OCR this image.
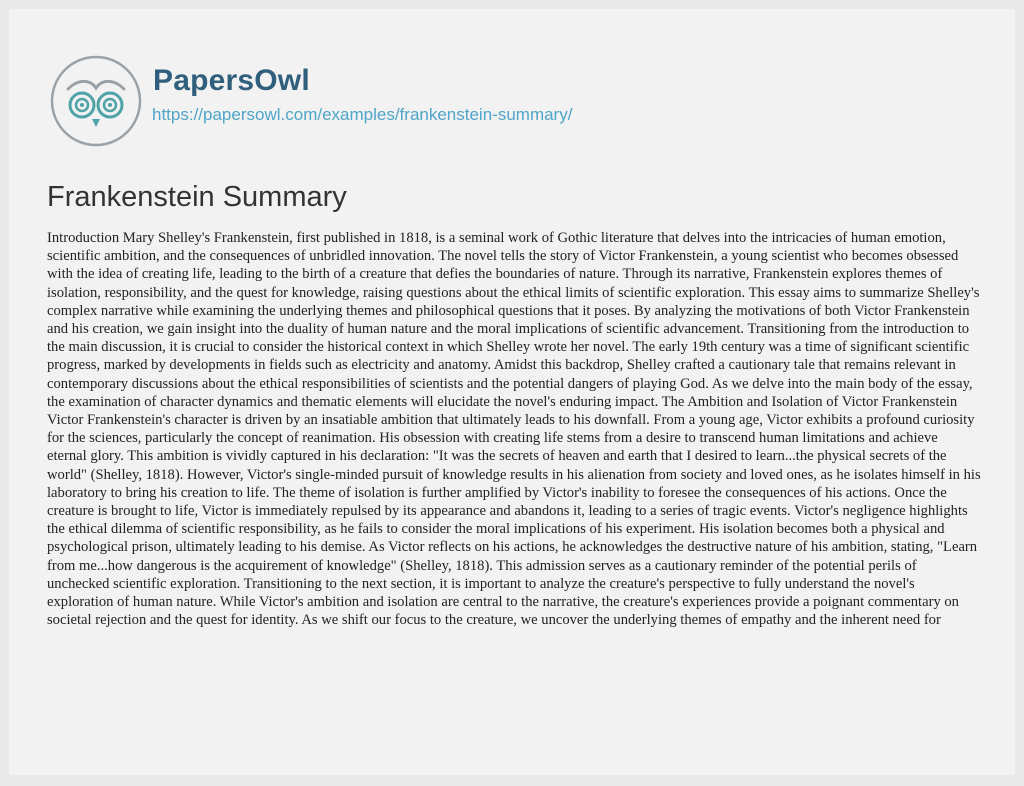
PapersOwl
https://papersowl.com/examples/frankenstein-summary/
Frankenstein Summary

Introduction Mary Shelley's Frankenstein, first published in 1818, is a seminal work of Gothic literature that delves into the intricacies of human emotion, scientific ambition, and the consequences of unbridled innovation. The novel tells the story of Victor Frankenstein, a young scientist who becomes obsessed with the idea of creating life, leading to the birth of a creature that defies the boundaries of nature. Through its narrative, Frankenstein explores themes of isolation, responsibility, and the quest for knowledge, raising questions about the ethical limits of scientific exploration. This essay aims to summarize Shelley's complex narrative while examining the underlying themes and philosophical questions that it poses. By analyzing the motivations of both Victor Frankenstein and his creation, we gain insight into the duality of human nature and the moral implications of scientific advancement. Transitioning from the introduction to the main discussion, it is crucial to consider the historical context in which Shelley wrote her novel. The early 19th century was a time of significant scientific progress, marked by developments in fields such as electricity and anatomy. Amidst this backdrop, Shelley crafted a cautionary tale that remains relevant in contemporary discussions about the ethical responsibilities of scientists and the potential dangers of playing God. As we delve into the main body of the essay, the examination of character dynamics and thematic elements will elucidate the novel's enduring impact. The Ambition and Isolation of Victor Frankenstein Victor Frankenstein's character is driven by an insatiable ambition that ultimately leads to his downfall. From a young age, Victor exhibits a profound curiosity for the sciences, particularly the concept of reanimation. His obsession with creating life stems from a desire to transcend human limitations and achieve eternal glory. This ambition is vividly captured in his declaration: "It was the secrets of heaven and earth that I desired to learn...the physical secrets of the world" (Shelley, 1818). However, Victor's single-minded pursuit of knowledge results in his alienation from society and loved ones, as he isolates himself in his laboratory to bring his creation to life. The theme of isolation is further amplified by Victor's inability to foresee the consequences of his actions. Once the creature is brought to life, Victor is immediately repulsed by its appearance and abandons it, leading to a series of tragic events. Victor's negligence highlights the ethical dilemma of scientific responsibility, as he fails to consider the moral implications of his experiment. His isolation becomes both a physical and psychological prison, ultimately leading to his demise. As Victor reflects on his actions, he acknowledges the destructive nature of his ambition, stating, "Learn from me...how dangerous is the acquirement of knowledge" (Shelley, 1818). This admission serves as a cautionary reminder of the potential perils of unchecked scientific exploration. Transitioning to the next section, it is important to analyze the creature's perspective to fully understand the novel's exploration of human nature. While Victor's ambition and isolation are central to the narrative, the creature's experiences provide a poignant commentary on societal rejection and the quest for identity. As we shift our focus to the creature, we uncover the underlying themes of empathy and the inherent need for
